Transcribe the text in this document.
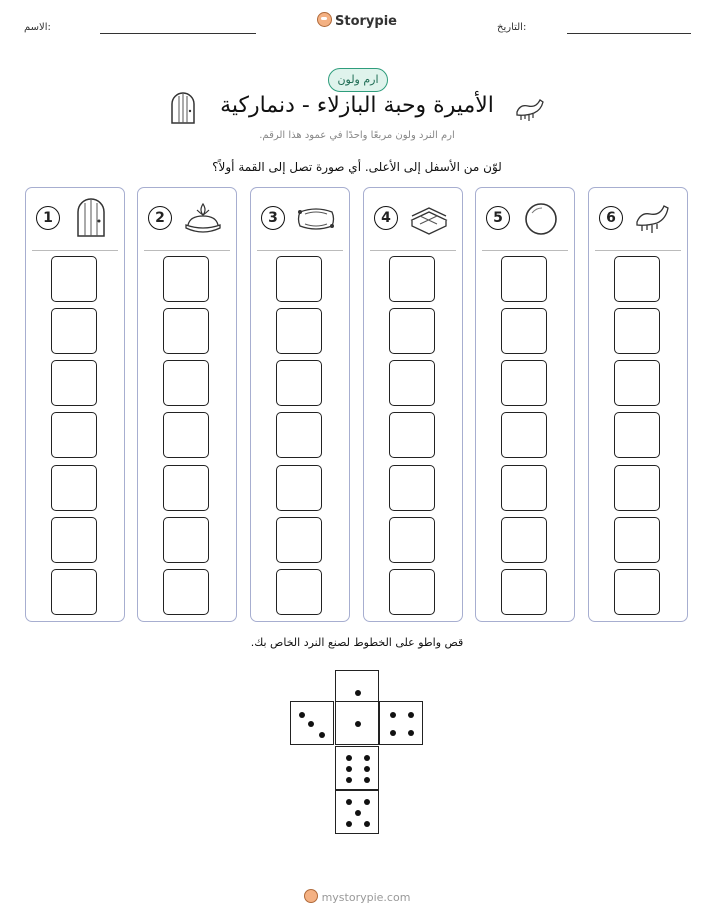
الاسم:	Storypie	التاريخ:
ارم ولون
الأميرة وحبة البازلاء - دنماركية
ارم النرد ولون مربعًا واحدًا في عمود هذا الرقم.
لوّن من الأسفل إلى الأعلى. أي صورة تصل إلى القمة أولاً؟
1	2	3	4	5	6
قص واطو على الخطوط لصنع النرد الخاص بك.
mystorypie.com
